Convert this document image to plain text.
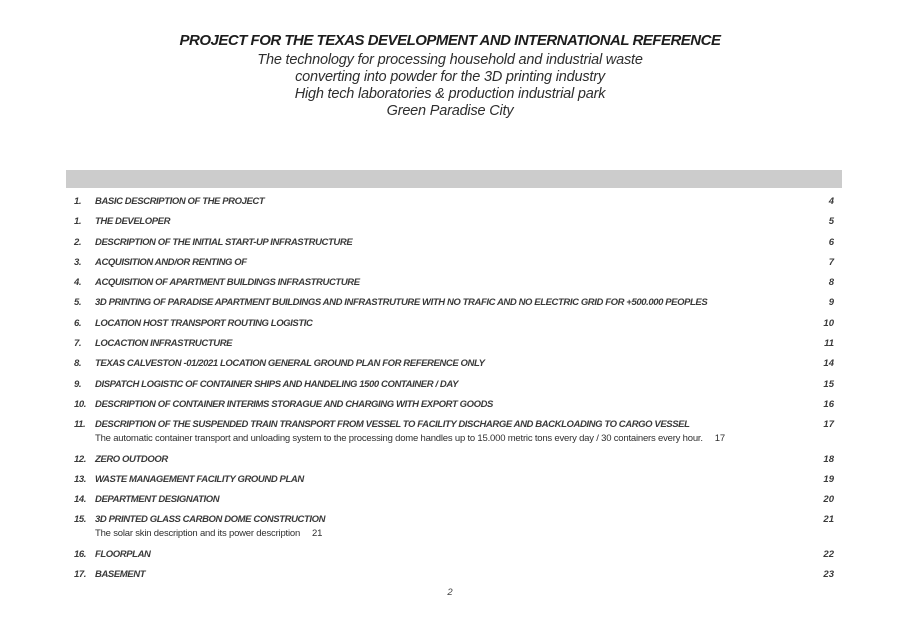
PROJECT FOR THE TEXAS DEVELOPMENT AND INTERNATIONAL REFERENCE
The technology for processing household and industrial waste
converting into powder for the 3D printing industry
High tech laboratories & production industrial park
Green Paradise City
1.	BASIC DESCRIPTION OF THE PROJECT	4
1.	THE DEVELOPER	5
2.	DESCRIPTION OF THE INITIAL START-UP INFRASTRUCTURE	6
3.	ACQUISITION AND/OR RENTING OF	7
4.	ACQUISITION OF APARTMENT BUILDINGS INFRASTRUCTURE	8
5.	3D PRINTING OF PARADISE APARTMENT BUILDINGS AND INFRASTRUTURE WITH NO TRAFIC AND NO ELECTRIC GRID FOR +500.000 PEOPLES	9
6.	LOCATION HOST TRANSPORT ROUTING LOGISTIC	10
7.	LOCACTION INFRASTRUCTURE	11
8.	TEXAS CALVESTON -01/2021 LOCATION GENERAL GROUND PLAN FOR REFERENCE ONLY	14
9.	DISPATCH LOGISTIC OF CONTAINER SHIPS AND HANDELING 1500 CONTAINER / DAY	15
10. DESCRIPTION OF CONTAINER INTERIMS STORAGUE AND CHARGING WITH EXPORT GOODS	16
11.	DESCRIPTION OF THE SUSPENDED TRAIN TRANSPORT FROM VESSEL TO FACILITY DISCHARGE AND BACKLOADING TO CARGO VESSEL	17
The automatic container transport and unloading system to the processing dome handles up to 15.000 metric tons every day / 30 containers every hour. 17
12. ZERO OUTDOOR	18
13. WASTE MANAGEMENT FACILITY GROUND PLAN	19
14. DEPARTMENT DESIGNATION	20
15. 3D PRINTED GLASS CARBON DOME CONSTRUCTION	21
The solar skin description and its power description 21
16. FLOORPLAN	22
17. BASEMENT	23
2
